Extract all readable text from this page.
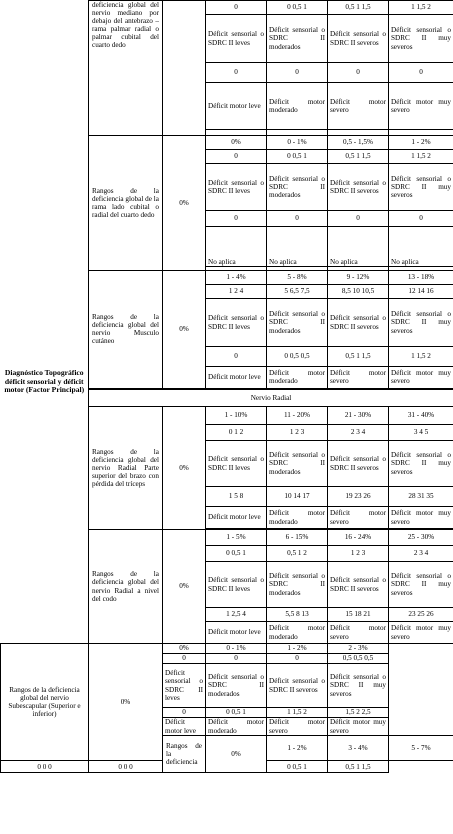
Diagnóstico Topográfico déficit sensorial y déficit motor (Factor Principal)	deficiencia global del nervio mediano por debajo del antebrazo – rama palmar radial o palmar cubital del cuarto dedo		0	0 0,5 1	0,5 1 1,5	1 1,5 2	
			Déficit sensorial o SDRC II leves	Déficit sensorial o SDRC II moderados	Déficit sensorial o SDRC II severos	Déficit sensorial o SDRC II muy severos	
			0	0	0	0	
			Déficit motor leve	Déficit motor moderado	Déficit motor severo	Déficit motor muy severo	

	Rangos de la deficiencia global de la rama lado cubital o radial del cuarto dedo	0%	0%	0 - 1%	0,5 - 1,5%	1 - 2%	
			0	0 0,5 1	0,5 1 1,5	1 1,5 2	
			Déficit sensorial o SDRC II leves	Déficit sensorial o SDRC II moderados	Déficit sensorial o SDRC II severos	Déficit sensorial o SDRC II muy severos	
			0	0	0	0	
			No aplica	No aplica	No aplica	No aplica	

	Rangos de la deficiencia global del nervio Musculo cutáneo	0%	1 - 4%	5 - 8%	9 - 12%	13 - 18%	
			1 2 4	5 6,5 7,5	8,5 10 10,5	12 14 16	
			Déficit sensorial o SDRC II leves	Déficit sensorial o SDRC II moderados	Déficit sensorial o SDRC II severos	Déficit sensorial o SDRC II muy severos	
			0	0 0,5 0,5	0,5 1 1,5	1 1,5 2	
			Déficit motor leve	Déficit motor moderado	Déficit motor severo	Déficit motor muy severo	
	Nervio Radial						
	Rangos de la deficiencia global del nervio Radial Parte superior del brazo con pérdida del tríceps	0%	1 - 10%	11 - 20%	21 - 30%	31 - 40%	
			0 1 2	1 2 3	2 3 4	3 4 5	
			Déficit sensorial o SDRC II leves	Déficit sensorial o SDRC II moderados	Déficit sensorial o SDRC II severos	Déficit sensorial o SDRC II muy severos	
			1 5 8	10 14 17	19 23 26	28 31 35	
			Déficit motor leve	Déficit motor moderado	Déficit motor severo	Déficit motor muy severo	

	Rangos de la deficiencia global del nervio Radial a nivel del codo	0%	1 - 5%	6 - 15%	16 - 24%	25 - 30%	
			0 0,5 1	0,5 1 2	1 2 3	2 3 4	
			Déficit sensorial o SDRC II leves	Déficit sensorial o SDRC II moderados	Déficit sensorial o SDRC II severos	Déficit sensorial o SDRC II muy severos	
			1 2,5 4	5,5 8 13	15 18 21	23 25 26	
			Déficit motor leve	Déficit motor moderado	Déficit motor severo	Déficit motor muy severo	
Rangos de la deficiencia global del nervio Subescapular (Superior e inferior)	0%	0%	0 - 1%	1 - 2%	2 - 3%		
		0	0	0	0,5 0,5 0,5		
		Déficit sensorial o SDRC II leves	Déficit sensorial o SDRC II moderados	Déficit sensorial o SDRC II severos	Déficit sensorial o SDRC II muy severos		
		0	0 0,5 1	1 1,5 2	1,5 2 2,5		
		Déficit motor leve	Déficit motor moderado	Déficit motor severo	Déficit motor muy severo		
		Rangos de la deficiencia	0%	1 - 2%	3 - 4%	5 - 7%	
0 0 0	0 0 0			0 0,5 1	0,5 1 1,5		
